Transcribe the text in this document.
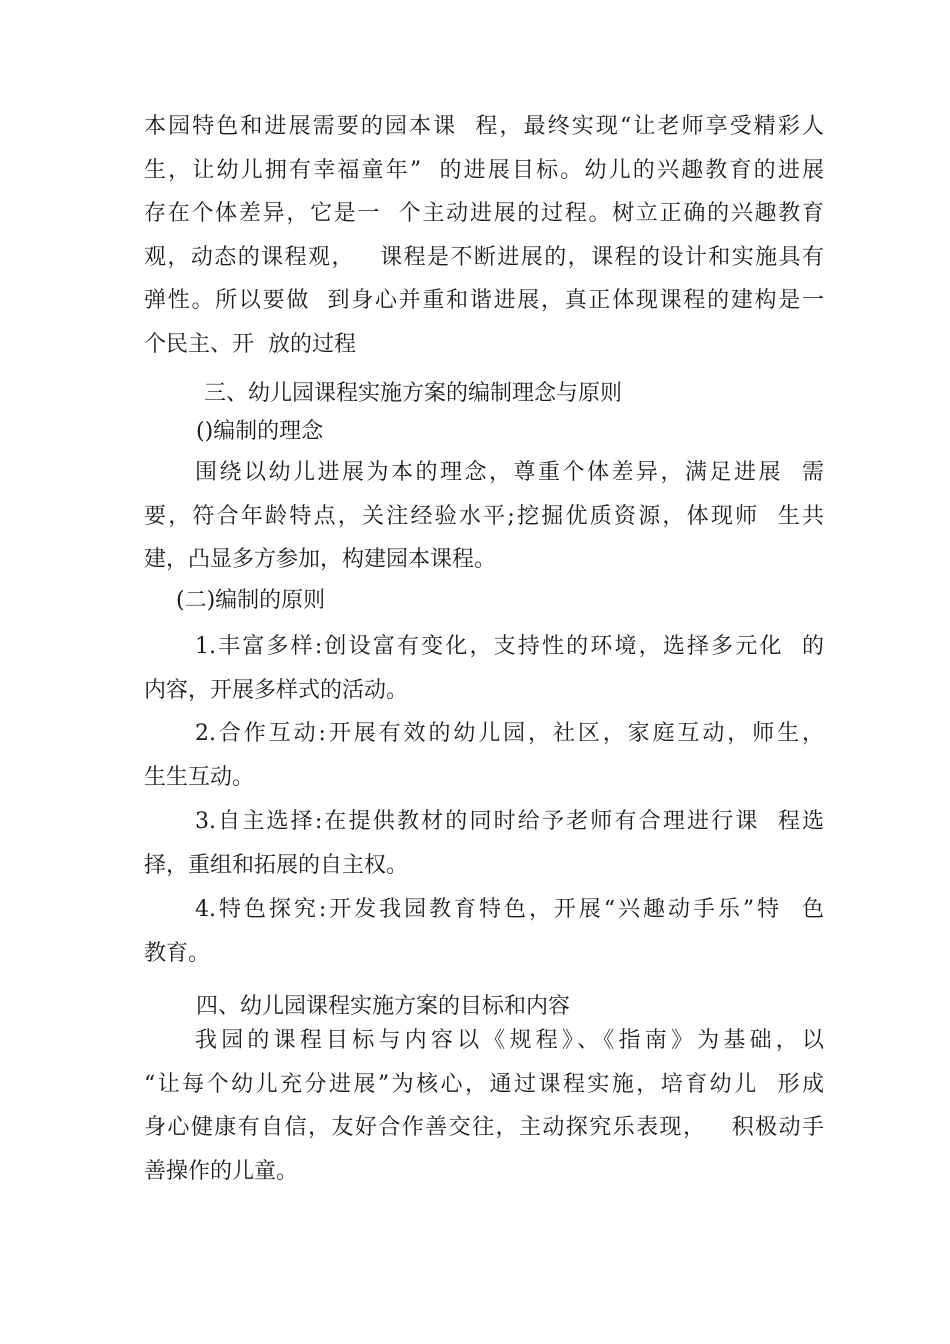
本园特色和进展需要的园本课  程，最终实现“让老师享受精彩人
生，让幼儿拥有幸福童年”  的进展目标。幼儿的兴趣教育的进展
存在个体差异，它是一  个主动进展的过程。树立正确的兴趣教育
观，动态的课程观，   课程是不断进展的，课程的设计和实施具有
弹性。所以要做  到身心并重和谐进展，真正体现课程的建构是一
个民主、开  放的过程

三、幼儿园课程实施方案的编制理念与原则
()编制的理念

围绕以幼儿进展为本的理念，尊重个体差异，满足进展  需
要，符合年龄特点，关注经验水平;挖掘优质资源，体现师  生共
建，凸显多方参加，构建园本课程。

(二)编制的原则

1.丰富多样:创设富有变化，支持性的环境，选择多元化  的
内容，开展多样式的活动。

2.合作互动:开展有效的幼儿园，社区，家庭互动，师生，
生生互动。

3.自主选择:在提供教材的同时给予老师有合理进行课  程选
择，重组和拓展的自主权。

4.特色探究:开发我园教育特色，开展“兴趣动手乐”特  色
教育。

四、幼儿园课程实施方案的目标和内容

我园的课程目标与内容以《规程》、《指南》为基础，以
“让每个幼儿充分进展”为核心，通过课程实施，培育幼儿  形成
身心健康有自信，友好合作善交往，主动探究乐表现，   积极动手
善操作的儿童。
